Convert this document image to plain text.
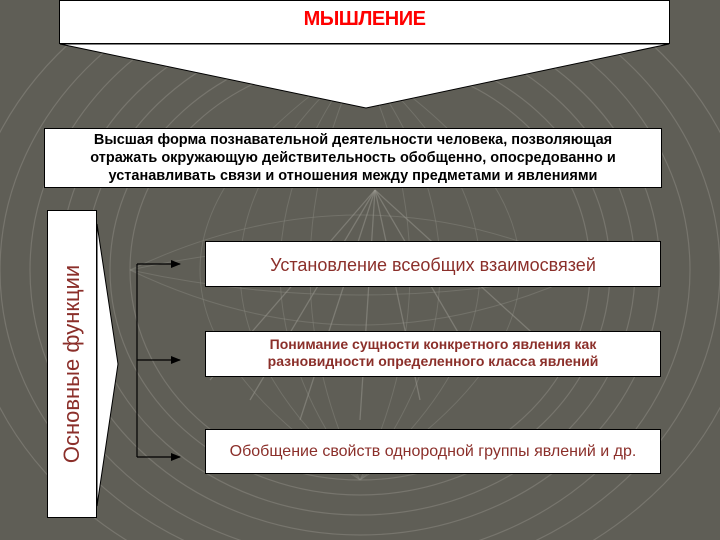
МЫШЛЕНИЕ
Высшая форма познавательной деятельности человека, позволяющая
отражать окружающую действительность обобщенно, опосредованно и
устанавливать связи и отношения между предметами и явлениями
Основные функции	Установление всеобщих взаимосвязей
Понимание сущности конкретного явления как
разновидности определенного класса явлений
Обобщение свойств однородной группы явлений и др.
